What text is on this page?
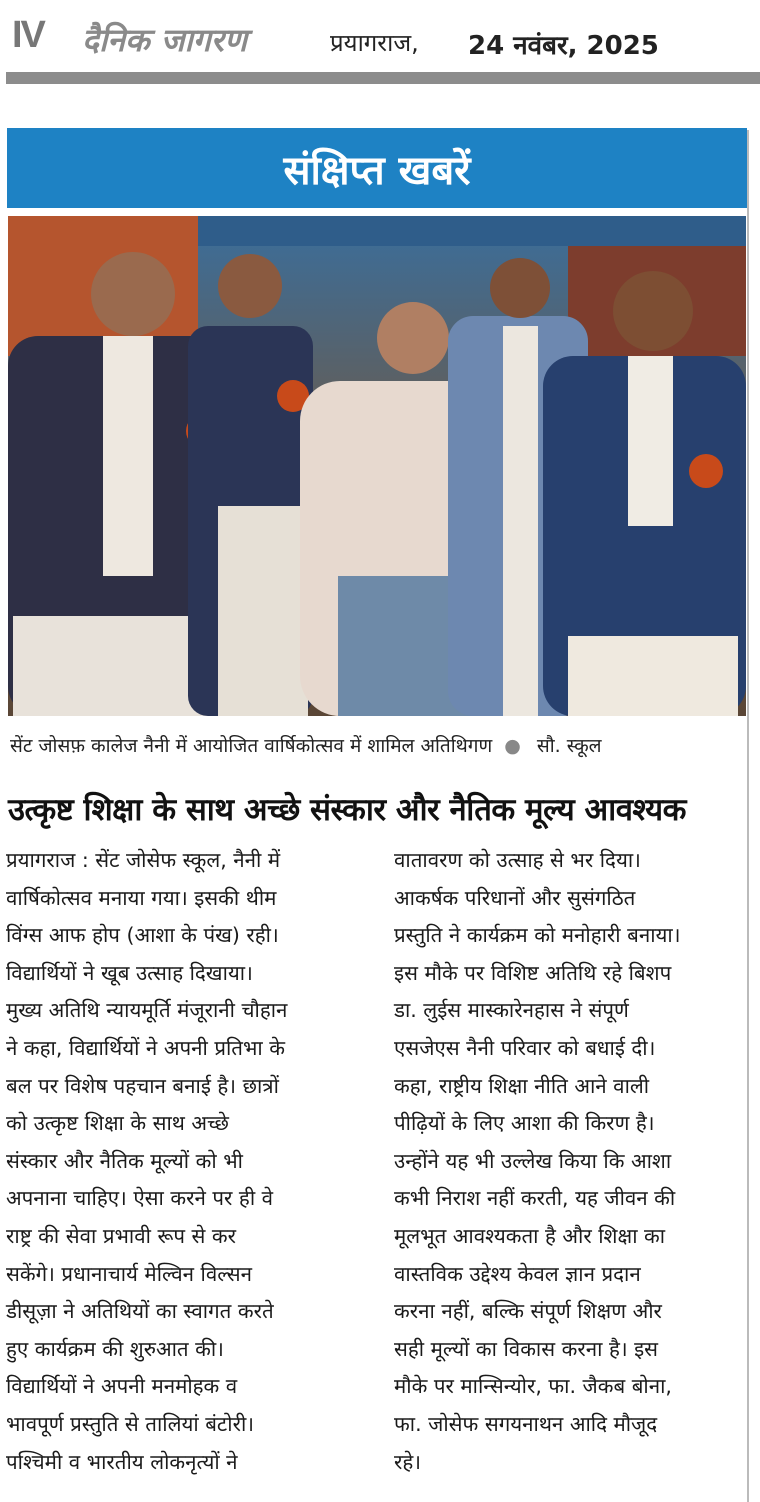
IV दैनिक जागरण	प्रयागराज, 24 नवंबर, 2025
संक्षिप्त खबरें
सेंट जोसफ़ कालेज नैनी में आयोजित वार्षिकोत्सव में शामिल अतिथिगण ● सौ. स्कूल
उत्कृष्ट शिक्षा के साथ अच्छे संस्कार और नैतिक मूल्य आवश्यक

प्रयागराज : सेंट जोसेफ स्कूल, नैनी में

वार्षिकोत्सव मनाया गया। इसकी थीम

विंग्स आफ होप (आशा के पंख) रही।

विद्यार्थियों ने खूब उत्साह दिखाया।

मुख्य अतिथि न्यायमूर्ति मंजूरानी चौहान

ने कहा, विद्यार्थियों ने अपनी प्रतिभा के

बल पर विशेष पहचान बनाई है। छात्रों

को उत्कृष्ट शिक्षा के साथ अच्छे

संस्कार और नैतिक मूल्यों को भी

अपनाना चाहिए। ऐसा करने पर ही वे

राष्ट्र की सेवा प्रभावी रूप से कर

सकेंगे। प्रधानाचार्य मेल्विन विल्सन

डीसूज़ा ने अतिथियों का स्वागत करते

हुए कार्यक्रम की शुरुआत की।

विद्यार्थियों ने अपनी मनमोहक व

भावपूर्ण प्रस्तुति से तालियां बंटोरी।

पश्चिमी व भारतीय लोकनृत्यों ने

वातावरण को उत्साह से भर दिया।

आकर्षक परिधानों और सुसंगठित

प्रस्तुति ने कार्यक्रम को मनोहारी बनाया।

इस मौके पर विशिष्ट अतिथि रहे बिशप

डा. लुईस मास्कारेनहास ने संपूर्ण

एसजेएस नैनी परिवार को बधाई दी।

कहा, राष्ट्रीय शिक्षा नीति आने वाली

पीढ़ियों के लिए आशा की किरण है।

उन्होंने यह भी उल्लेख किया कि आशा

कभी निराश नहीं करती, यह जीवन की

मूलभूत आवश्यकता है और शिक्षा का

वास्तविक उद्देश्य केवल ज्ञान प्रदान

करना नहीं, बल्कि संपूर्ण शिक्षण और

सही मूल्यों का विकास करना है। इस

मौके पर मान्सिन्योर, फा. जैकब बोना,

फा. जोसेफ सगयनाथन आदि मौजूद

रहे।
